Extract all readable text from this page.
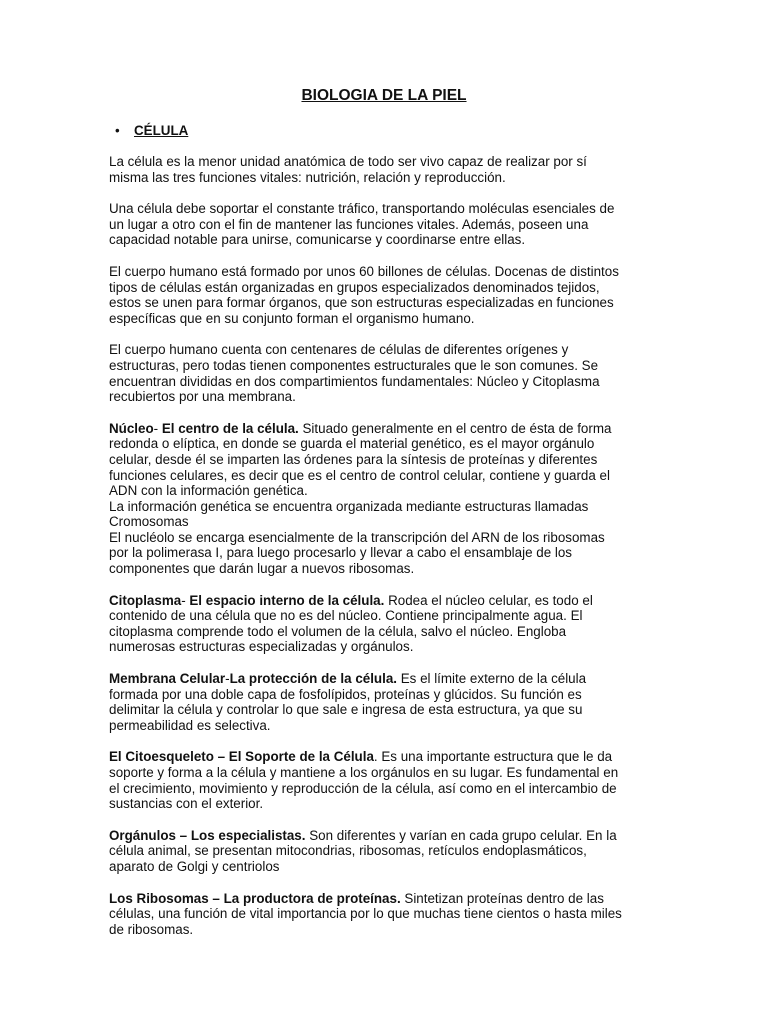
BIOLOGIA DE LA PIEL
• CÉLULA

La célula es la menor unidad anatómica de todo ser vivo capaz de realizar por sí
misma las tres funciones vitales: nutrición, relación y reproducción.

Una célula debe soportar el constante tráfico, transportando moléculas esenciales de
un lugar a otro con el fin de mantener las funciones vitales. Además, poseen una
capacidad notable para unirse, comunicarse y coordinarse entre ellas.

El cuerpo humano está formado por unos 60 billones de células. Docenas de distintos
tipos de células están organizadas en grupos especializados denominados tejidos,
estos se unen para formar órganos, que son estructuras especializadas en funciones
específicas que en su conjunto forman el organismo humano.

El cuerpo humano cuenta con centenares de células de diferentes orígenes y
estructuras, pero todas tienen componentes estructurales que le son comunes. Se
encuentran divididas en dos compartimientos fundamentales: Núcleo y Citoplasma
recubiertos por una membrana.

Núcleo- El centro de la célula. Situado generalmente en el centro de ésta de forma
redonda o elíptica, en donde se guarda el material genético, es el mayor orgánulo
celular, desde él se imparten las órdenes para la síntesis de proteínas y diferentes
funciones celulares, es decir que es el centro de control celular, contiene y guarda el
ADN con la información genética.
La información genética se encuentra organizada mediante estructuras llamadas
Cromosomas
El nucléolo se encarga esencialmente de la transcripción del ARN de los ribosomas
por la polimerasa I, para luego procesarlo y llevar a cabo el ensamblaje de los
componentes que darán lugar a nuevos ribosomas.

Citoplasma- El espacio interno de la célula. Rodea el núcleo celular, es todo el
contenido de una célula que no es del núcleo. Contiene principalmente agua. El
citoplasma comprende todo el volumen de la célula, salvo el núcleo. Engloba
numerosas estructuras especializadas y orgánulos.

Membrana Celular-La protección de la célula. Es el límite externo de la célula
formada por una doble capa de fosfolípidos, proteínas y glúcidos. Su función es
delimitar la célula y controlar lo que sale e ingresa de esta estructura, ya que su
permeabilidad es selectiva.

El Citoesqueleto – El Soporte de la Célula. Es una importante estructura que le da
soporte y forma a la célula y mantiene a los orgánulos en su lugar. Es fundamental en
el crecimiento, movimiento y reproducción de la célula, así como en el intercambio de
sustancias con el exterior.

Orgánulos – Los especialistas. Son diferentes y varían en cada grupo celular. En la
célula animal, se presentan mitocondrias, ribosomas, retículos endoplasmáticos,
aparato de Golgi y centriolos

Los Ribosomas – La productora de proteínas. Sintetizan proteínas dentro de las
células, una función de vital importancia por lo que muchas tiene cientos o hasta miles
de ribosomas.
